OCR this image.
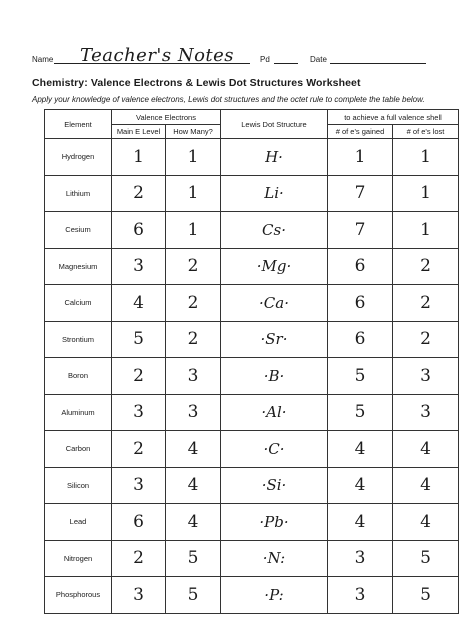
Name Teacher's Notes	Pd	Date
Chemistry: Valence Electrons & Lewis Dot Structures Worksheet
Apply your knowledge of valence electrons, Lewis dot structures and the octet rule to complete the table below.
Element	Valence Electrons		Lewis Dot Structure	to achieve a full valence shell	
	Main E Level	How Many?		# of e's gained	# of e's lost
Hydrogen	1	1	H·	1	1
Lithium	2	1	Li·	7	1
Cesium	6	1	Cs·	7	1
Magnesium	3	2	·Mg·	6	2
Calcium	4	2	·Ca·	6	2
Strontium	5	2	·Sr·	6	2
Boron	2	3	·B·	5	3
Aluminum	3	3	·Al·	5	3
Carbon	2	4	·C·	4	4
Silicon	3	4	·Si·	4	4
Lead	6	4	·Pb·	4	4
Nitrogen	2	5	·N:	3	5
Phosphorous	3	5	·P:	3	5
